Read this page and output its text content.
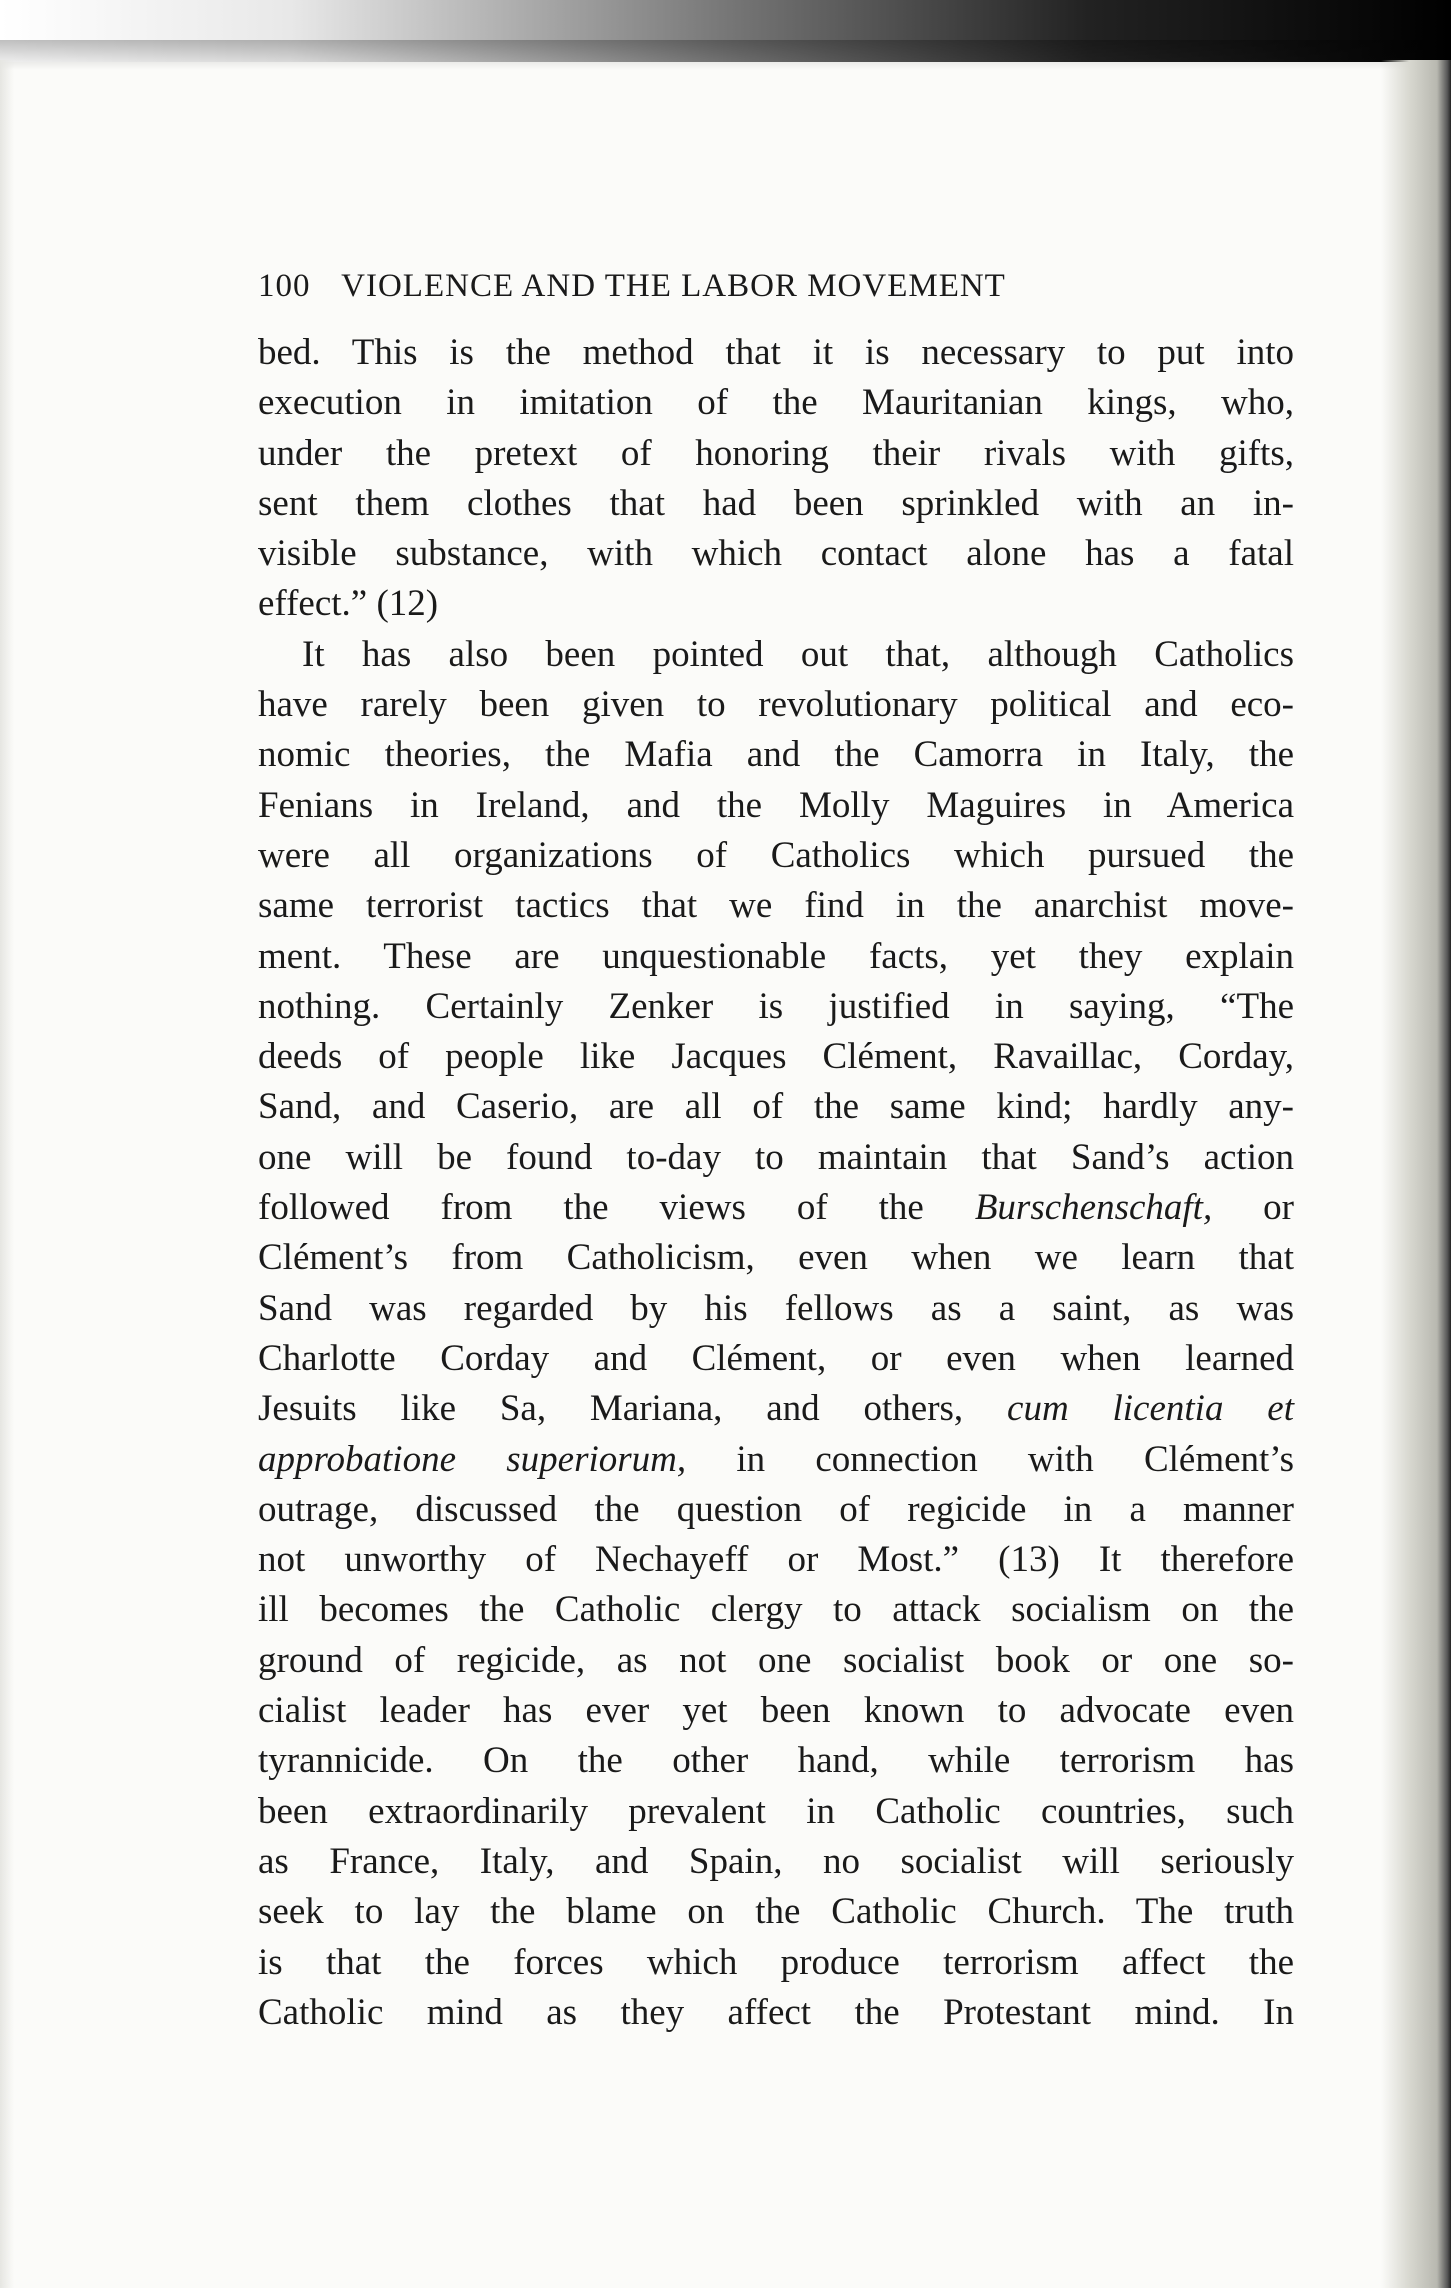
100 VIOLENCE AND THE LABOR MOVEMENT
bed. This is the method that it is necessary to put into
execution in imitation of the Mauritanian kings, who,
under the pretext of honoring their rivals with gifts,
sent them clothes that had been sprinkled with an in-
visible substance, with which contact alone has a fatal
effect.” (12)
It has also been pointed out that, although Catholics
have rarely been given to revolutionary political and eco-
nomic theories, the Mafia and the Camorra in Italy, the
Fenians in Ireland, and the Molly Maguires in America
were all organizations of Catholics which pursued the
same terrorist tactics that we find in the anarchist move-
ment. These are unquestionable facts, yet they explain
nothing. Certainly Zenker is justified in saying, “The
deeds of people like Jacques Clément, Ravaillac, Corday,
Sand, and Caserio, are all of the same kind; hardly any-
one will be found to-day to maintain that Sand’s action
followed from the views of the Burschenschaft, or
Clément’s from Catholicism, even when we learn that
Sand was regarded by his fellows as a saint, as was
Charlotte Corday and Clément, or even when learned
Jesuits like Sa, Mariana, and others, cum licentia et
approbatione superiorum, in connection with Clément’s
outrage, discussed the question of regicide in a manner
not unworthy of Nechayeff or Most.” (13) It therefore
ill becomes the Catholic clergy to attack socialism on the
ground of regicide, as not one socialist book or one so-
cialist leader has ever yet been known to advocate even
tyrannicide. On the other hand, while terrorism has
been extraordinarily prevalent in Catholic countries, such
as France, Italy, and Spain, no socialist will seriously
seek to lay the blame on the Catholic Church. The truth
is that the forces which produce terrorism affect the
Catholic mind as they affect the Protestant mind. In
